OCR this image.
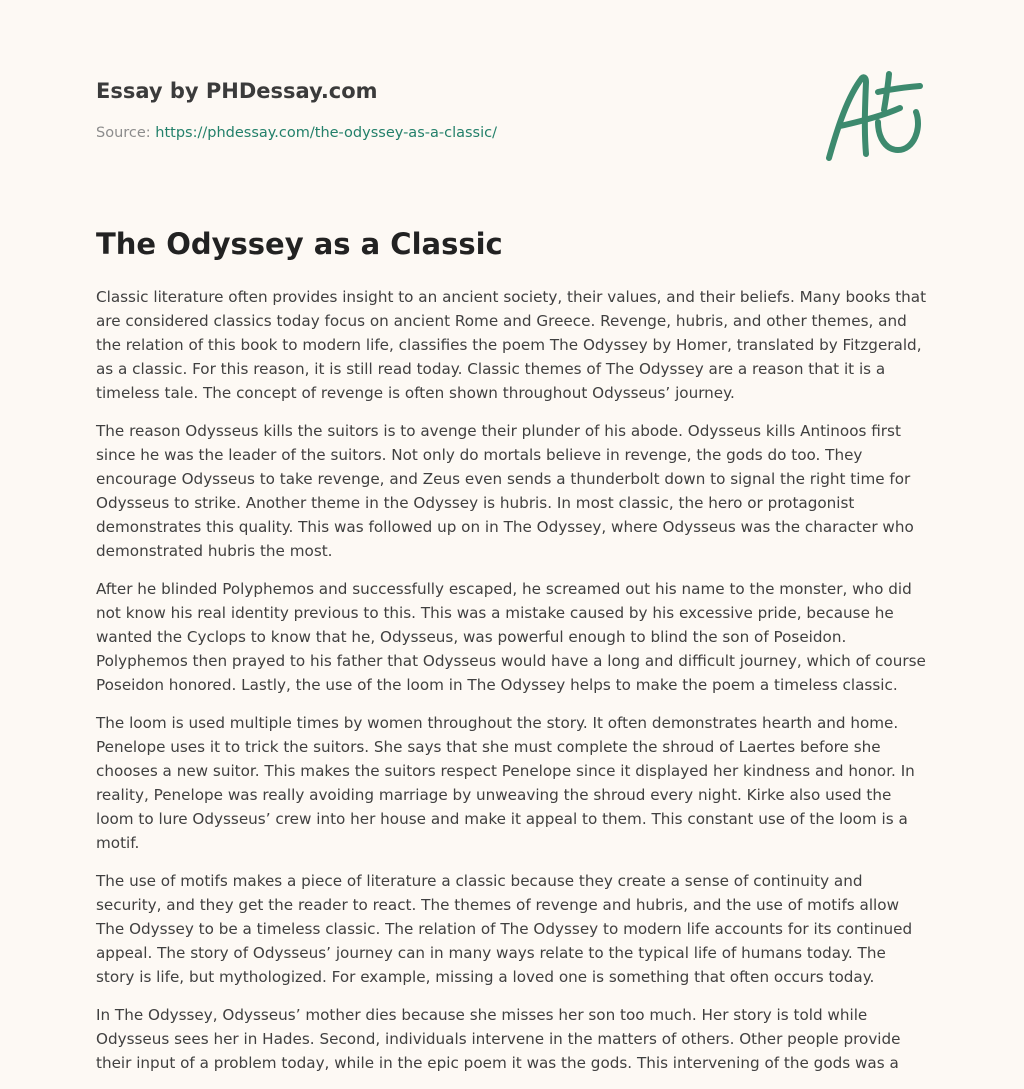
Essay by PHDessay.com
Source: https://phdessay.com/the-odyssey-as-a-classic/
The Odyssey as a Classic

Classic literature often provides insight to an ancient society, their values, and their beliefs. Many books that are considered classics today focus on ancient Rome and Greece. Revenge, hubris, and other themes, and the relation of this book to modern life, classifies the poem The Odyssey by Homer, translated by Fitzgerald, as a classic. For this reason, it is still read today. Classic themes of The Odyssey are a reason that it is a timeless tale. The concept of revenge is often shown throughout Odysseus’ journey.

The reason Odysseus kills the suitors is to avenge their plunder of his abode. Odysseus kills Antinoos first since he was the leader of the suitors. Not only do mortals believe in revenge, the gods do too. They encourage Odysseus to take revenge, and Zeus even sends a thunderbolt down to signal the right time for Odysseus to strike. Another theme in the Odyssey is hubris. In most classic, the hero or protagonist demonstrates this quality. This was followed up on in The Odyssey, where Odysseus was the character who demonstrated hubris the most.

After he blinded Polyphemos and successfully escaped, he screamed out his name to the monster, who did not know his real identity previous to this. This was a mistake caused by his excessive pride, because he wanted the Cyclops to know that he, Odysseus, was powerful enough to blind the son of Poseidon. Polyphemos then prayed to his father that Odysseus would have a long and difficult journey, which of course Poseidon honored. Lastly, the use of the loom in The Odyssey helps to make the poem a timeless classic.

The loom is used multiple times by women throughout the story. It often demonstrates hearth and home. Penelope uses it to trick the suitors. She says that she must complete the shroud of Laertes before she chooses a new suitor. This makes the suitors respect Penelope since it displayed her kindness and honor. In reality, Penelope was really avoiding marriage by unweaving the shroud every night. Kirke also used the loom to lure Odysseus’ crew into her house and make it appeal to them. This constant use of the loom is a motif.

The use of motifs makes a piece of literature a classic because they create a sense of continuity and security, and they get the reader to react. The themes of revenge and hubris, and the use of motifs allow The Odyssey to be a timeless classic. The relation of The Odyssey to modern life accounts for its continued appeal. The story of Odysseus’ journey can in many ways relate to the typical life of humans today. The story is life, but mythologized. For example, missing a loved one is something that often occurs today.

In The Odyssey, Odysseus’ mother dies because she misses her son too much. Her story is told while Odysseus sees her in Hades. Second, individuals intervene in the matters of others. Other people provide their input of a problem today, while in the epic poem it was the gods. This intervening of the gods was a
